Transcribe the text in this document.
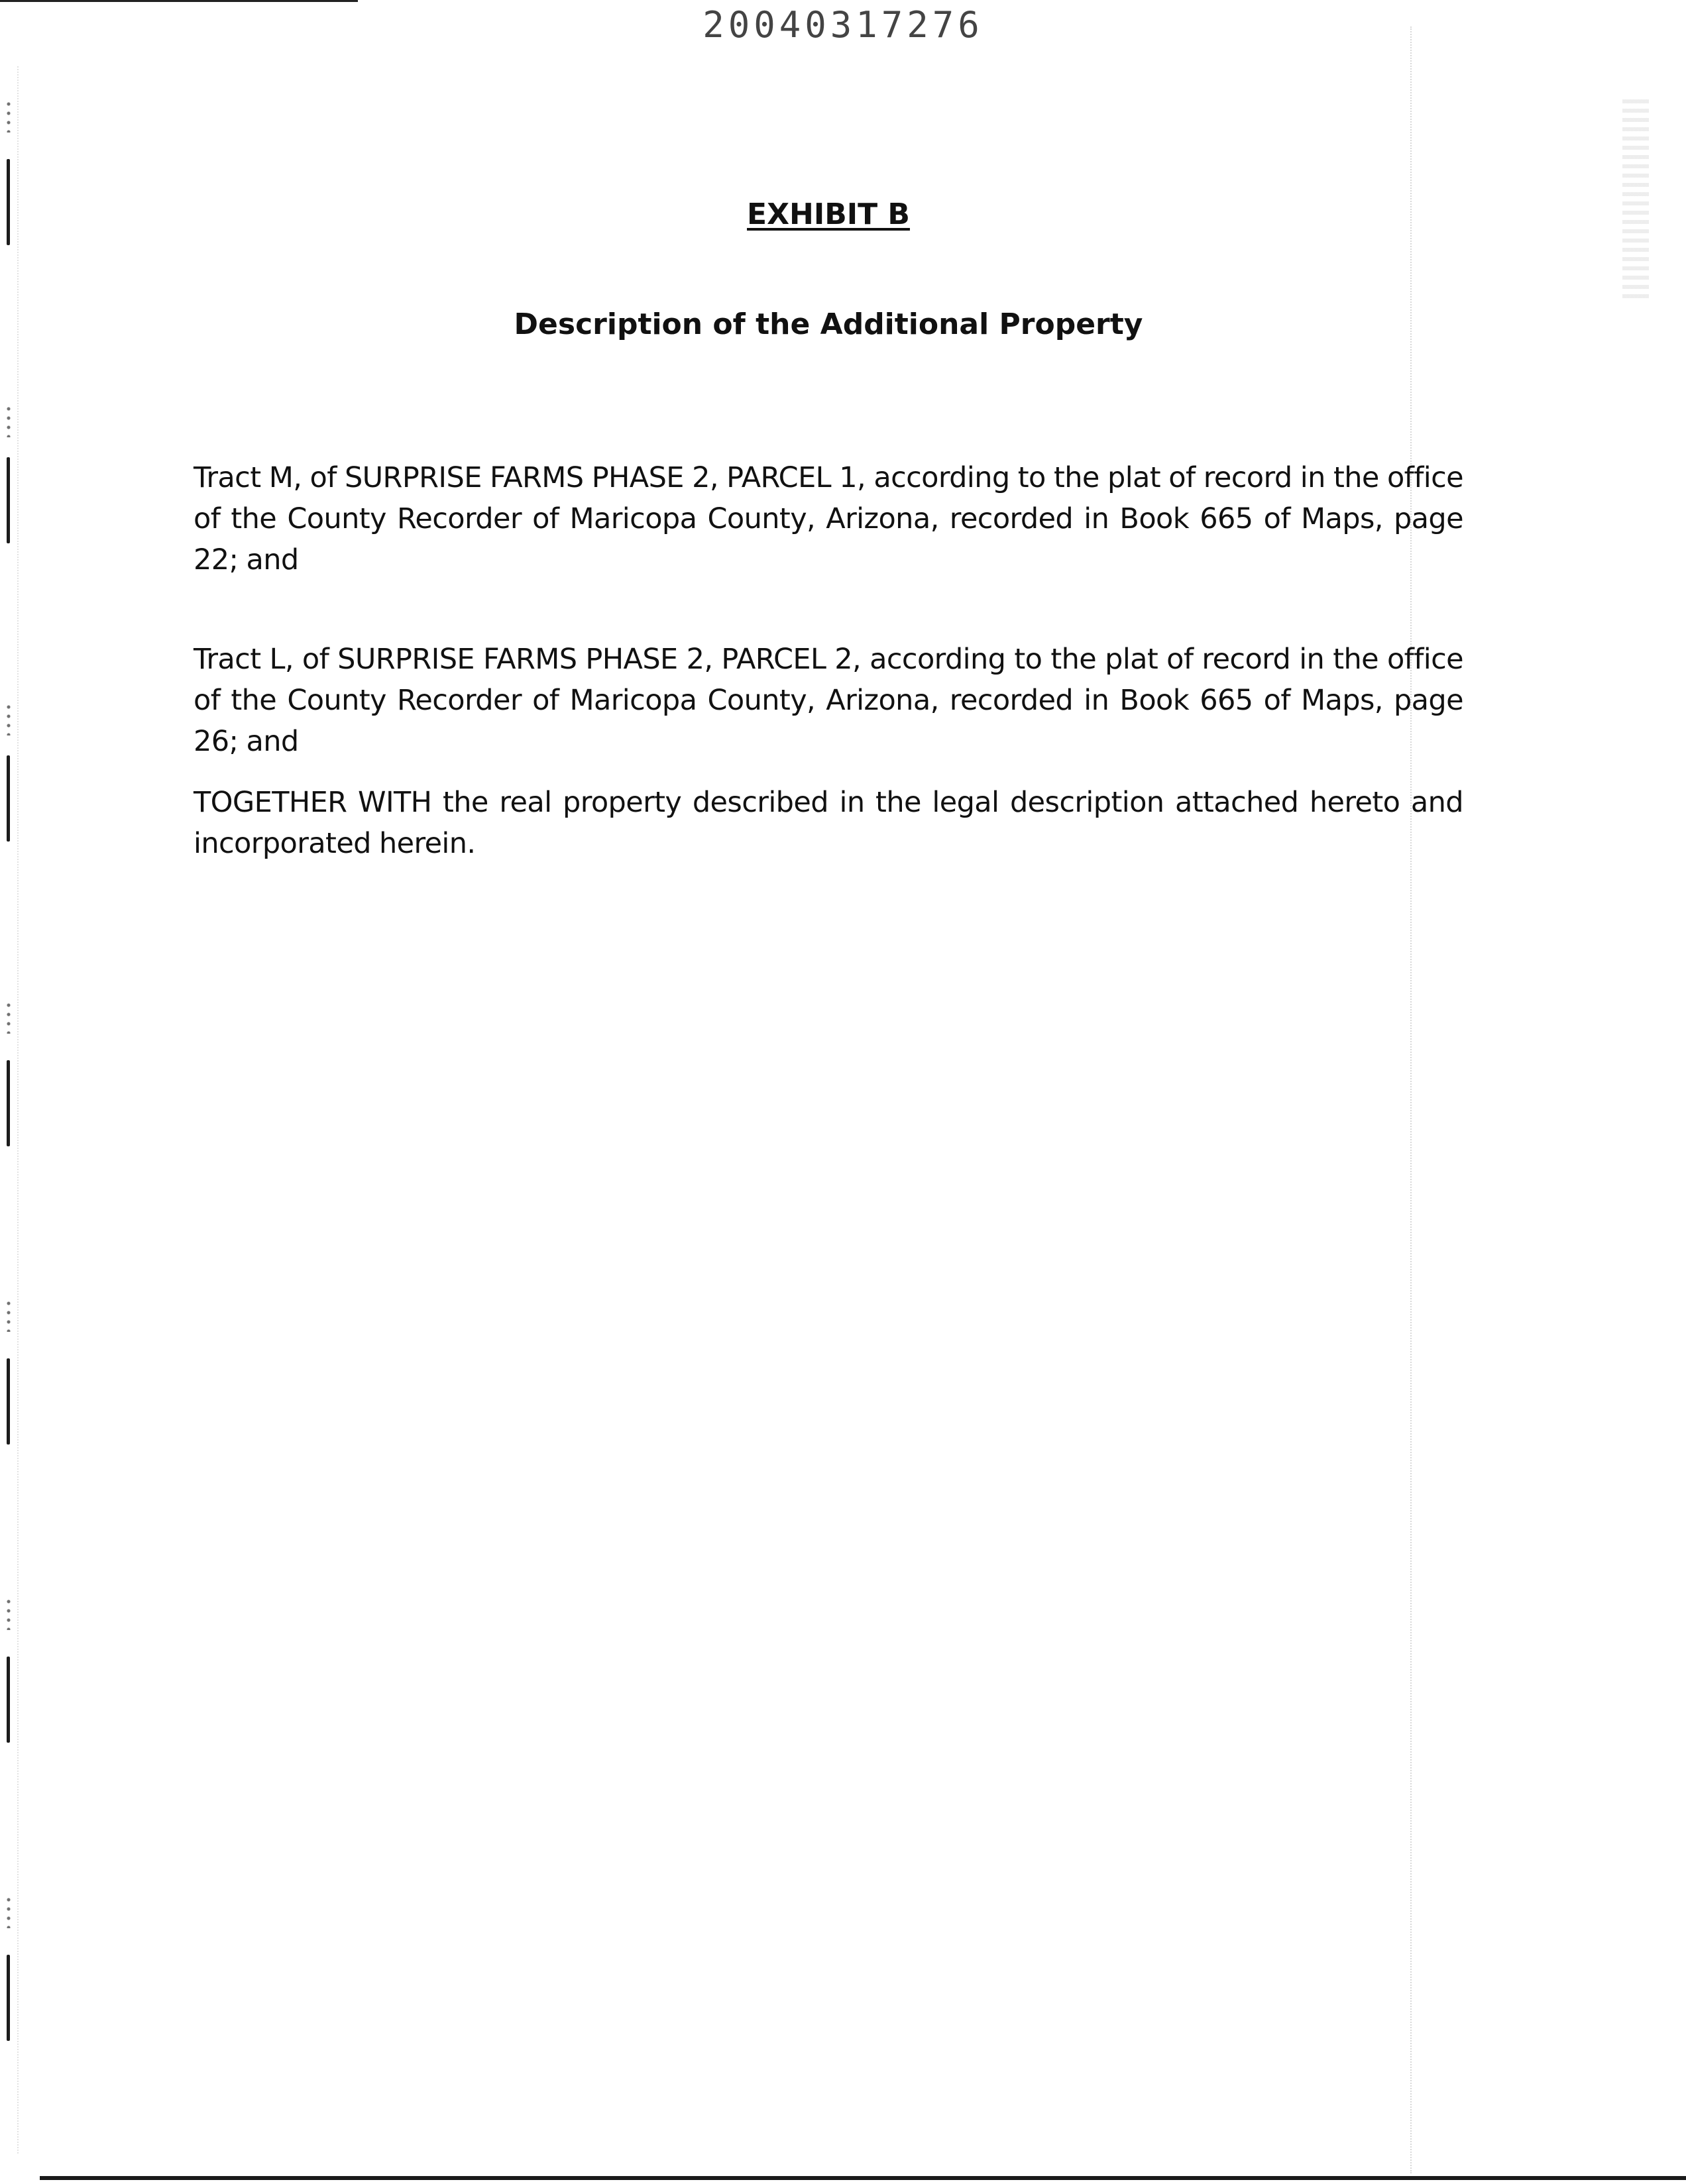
20040317276
EXHIBIT B
Description of the Additional Property
Tract M, of SURPRISE FARMS PHASE 2, PARCEL 1, according to the plat of record in the office of the County Recorder of Maricopa County, Arizona, recorded in Book 665 of Maps, page 22; and
Tract L, of SURPRISE FARMS PHASE 2, PARCEL 2, according to the plat of record in the office of the County Recorder of Maricopa County, Arizona, recorded in Book 665 of Maps, page 26; and
TOGETHER WITH the real property described in the legal description attached hereto and incorporated herein.
